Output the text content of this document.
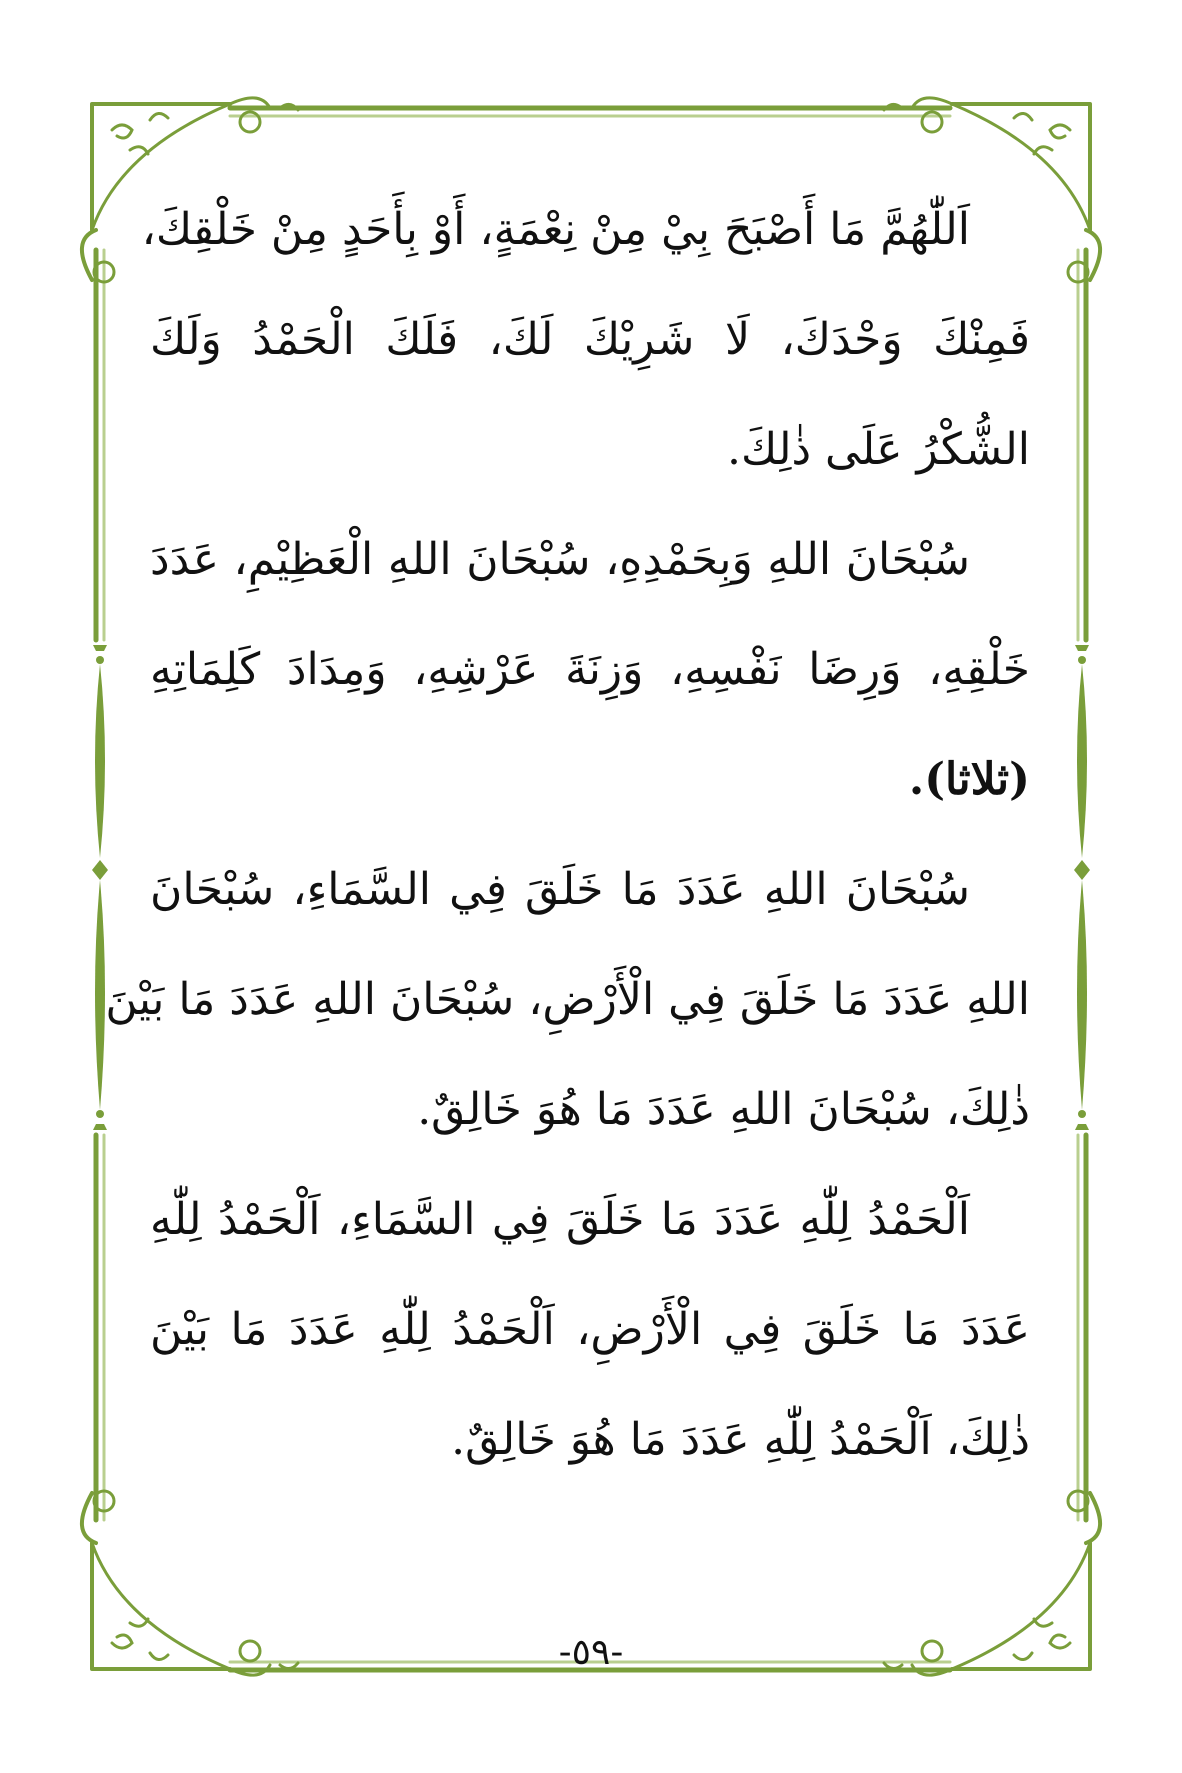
اَللّٰهُمَّ مَا أَصْبَحَ بِيْ مِنْ نِعْمَةٍ، أَوْ بِأَحَدٍ مِنْ خَلْقِكَ،
فَمِنْكَ وَحْدَكَ، لَا شَرِيْكَ لَكَ، فَلَكَ الْحَمْدُ وَلَكَ
الشُّكْرُ عَلَى ذٰلِكَ.
سُبْحَانَ اللهِ وَبِحَمْدِهِ، سُبْحَانَ اللهِ الْعَظِيْمِ، عَدَدَ
خَلْقِهِ، وَرِضَا نَفْسِهِ، وَزِنَةَ عَرْشِهِ، وَمِدَادَ كَلِمَاتِهِ
(ثلاثا).
سُبْحَانَ اللهِ عَدَدَ مَا خَلَقَ فِي السَّمَاءِ، سُبْحَانَ
اللهِ عَدَدَ مَا خَلَقَ فِي الْأَرْضِ، سُبْحَانَ اللهِ عَدَدَ مَا بَيْنَ
ذٰلِكَ، سُبْحَانَ اللهِ عَدَدَ مَا هُوَ خَالِقٌ.
اَلْحَمْدُ لِلّٰهِ عَدَدَ مَا خَلَقَ فِي السَّمَاءِ، اَلْحَمْدُ لِلّٰهِ
عَدَدَ مَا خَلَقَ فِي الْأَرْضِ، اَلْحَمْدُ لِلّٰهِ عَدَدَ مَا بَيْنَ
ذٰلِكَ، اَلْحَمْدُ لِلّٰهِ عَدَدَ مَا هُوَ خَالِقٌ.
-٥٩-
